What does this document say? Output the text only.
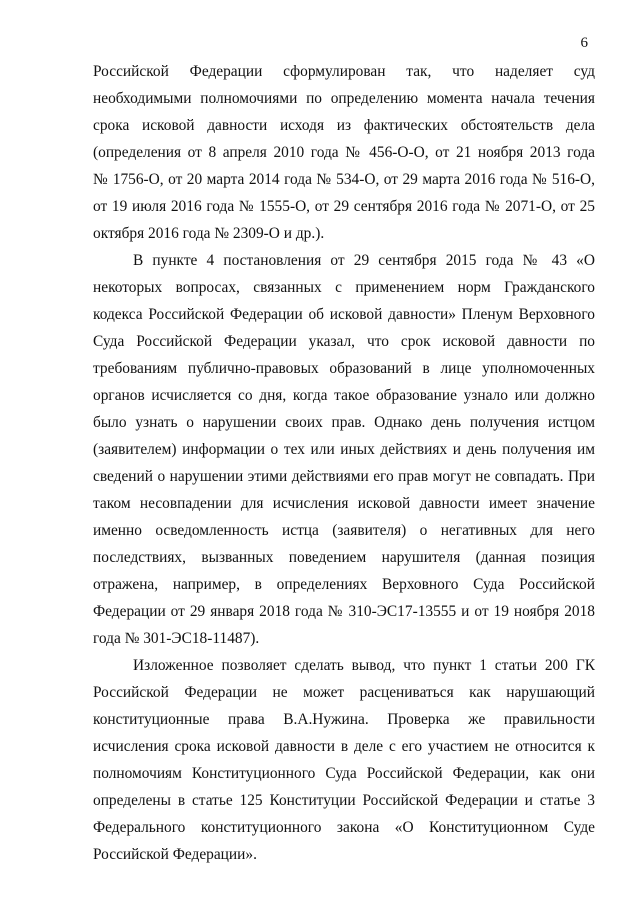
6
Российской Федерации сформулирован так, что наделяет суд
необходимыми полномочиями по определению момента начала течения
срока исковой давности исходя из фактических обстоятельств дела
(определения от 8 апреля 2010 года № 456-О-О, от 21 ноября 2013 года
№ 1756-О, от 20 марта 2014 года № 534-О, от 29 марта 2016 года № 516-О,
от 19 июля 2016 года № 1555-О, от 29 сентября 2016 года № 2071-О, от 25
октября 2016 года № 2309-О и др.).
В пункте 4 постановления от 29 сентября 2015 года № 43 «О
некоторых вопросах, связанных с применением норм Гражданского
кодекса Российской Федерации об исковой давности» Пленум Верховного
Суда Российской Федерации указал, что срок исковой давности по
требованиям публично-правовых образований в лице уполномоченных
органов исчисляется со дня, когда такое образование узнало или должно
было узнать о нарушении своих прав. Однако день получения истцом
(заявителем) информации о тех или иных действиях и день получения им
сведений о нарушении этими действиями его прав могут не совпадать. При
таком несовпадении для исчисления исковой давности имеет значение
именно осведомленность истца (заявителя) о негативных для него
последствиях, вызванных поведением нарушителя (данная позиция
отражена, например, в определениях Верховного Суда Российской
Федерации от 29 января 2018 года № 310-ЭС17-13555 и от 19 ноября 2018
года № 301-ЭС18-11487).
Изложенное позволяет сделать вывод, что пункт 1 статьи 200 ГК
Российской Федерации не может расцениваться как нарушающий
конституционные права В.А.Нужина. Проверка же правильности
исчисления срока исковой давности в деле с его участием не относится к
полномочиям Конституционного Суда Российской Федерации, как они
определены в статье 125 Конституции Российской Федерации и статье 3
Федерального конституционного закона «О Конституционном Суде
Российской Федерации».
